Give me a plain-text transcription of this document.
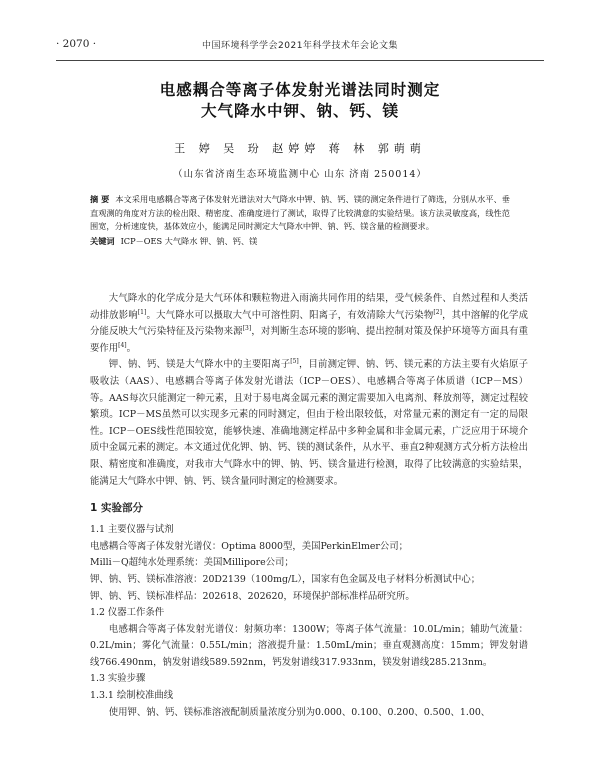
· 2070 ·	中国环境科学学会2021年科学技术年会论文集
电感耦合等离子体发射光谱法同时测定
大气降水中钾、钠、钙、镁
王 婷 吴 玢 赵婷婷 蒋 林 郭萌萌
（山东省济南生态环境监测中心 山东 济南 250014）
摘 要 本文采用电感耦合等离子体发射光谱法对大气降水中钾、钠、钙、镁的测定条件进行了筛选，分别从水平、垂直观测的角度对方法的检出限、精密度、准确度进行了测试，取得了比较满意的实验结果。该方法灵敏度高，线性范围宽，分析速度快，基体效应小，能满足同时测定大气降水中钾、钠、钙、镁含量的检测要求。
关键词 ICP－OES 大气降水 钾、钠、钙、镁

大气降水的化学成分是大气环体和颗粒物进入雨滴共同作用的结果，受气候条件、自然过程和人类活动排放影响[1]。大气降水可以摄取大气中可溶性阴、阳离子，有效清除大气污染物[2]，其中溶解的化学成分能反映大气污染特征及污染物来源[3]，对判断生态环境的影响、提出控制对策及保护环境等方面具有重要作用[4]。

钾、钠、钙、镁是大气降水中的主要阳离子[5]，目前测定钾、钠、钙、镁元素的方法主要有火焰原子吸收法（AAS）、电感耦合等离子体发射光谱法（ICP－OES）、电感耦合等离子体质谱（ICP－MS）等。AAS每次只能测定一种元素，且对于易电离金属元素的测定需要加入电离剂、释放剂等，测定过程较繁琐。ICP－MS虽然可以实现多元素的同时测定，但由于检出限较低，对常量元素的测定有一定的局限性。ICP－OES线性范围较宽，能够快速、准确地测定样品中多种金属和非金属元素，广泛应用于环境介质中金属元素的测定。本文通过优化钾、钠、钙、镁的测试条件，从水平、垂直2种观测方式分析方法检出限、精密度和准确度，对我市大气降水中的钾、钠、钙、镁含量进行检测，取得了比较满意的实验结果，能满足大气降水中钾、钠、钙、镁含量同时测定的检测要求。

1 实验部分
1.1 主要仪器与试剂
电感耦合等离子体发射光谱仪：Optima 8000型，美国PerkinElmer公司；
Milli－Q超纯水处理系统：美国Millipore公司；
钾、钠、钙、镁标准溶液：20D2139（100mg/L），国家有色金属及电子材料分析测试中心；
钾、钠、钙、镁标准样品：202618、202620，环境保护部标准样品研究所。
1.2 仪器工作条件

电感耦合等离子体发射光谱仪：射频功率：1300W；等离子体气流量：10.0L/min；辅助气流量：0.2L/min；雾化气流量：0.55L/min；溶液提升量：1.50mL/min；垂直观测高度：15mm；钾发射谱线766.490nm，钠发射谱线589.592nm，钙发射谱线317.933nm，镁发射谱线285.213nm。

1.3 实验步骤
1.3.1 绘制校准曲线

使用钾、钠、钙、镁标准溶液配制质量浓度分别为0.000、0.100、0.200、0.500、1.00、
